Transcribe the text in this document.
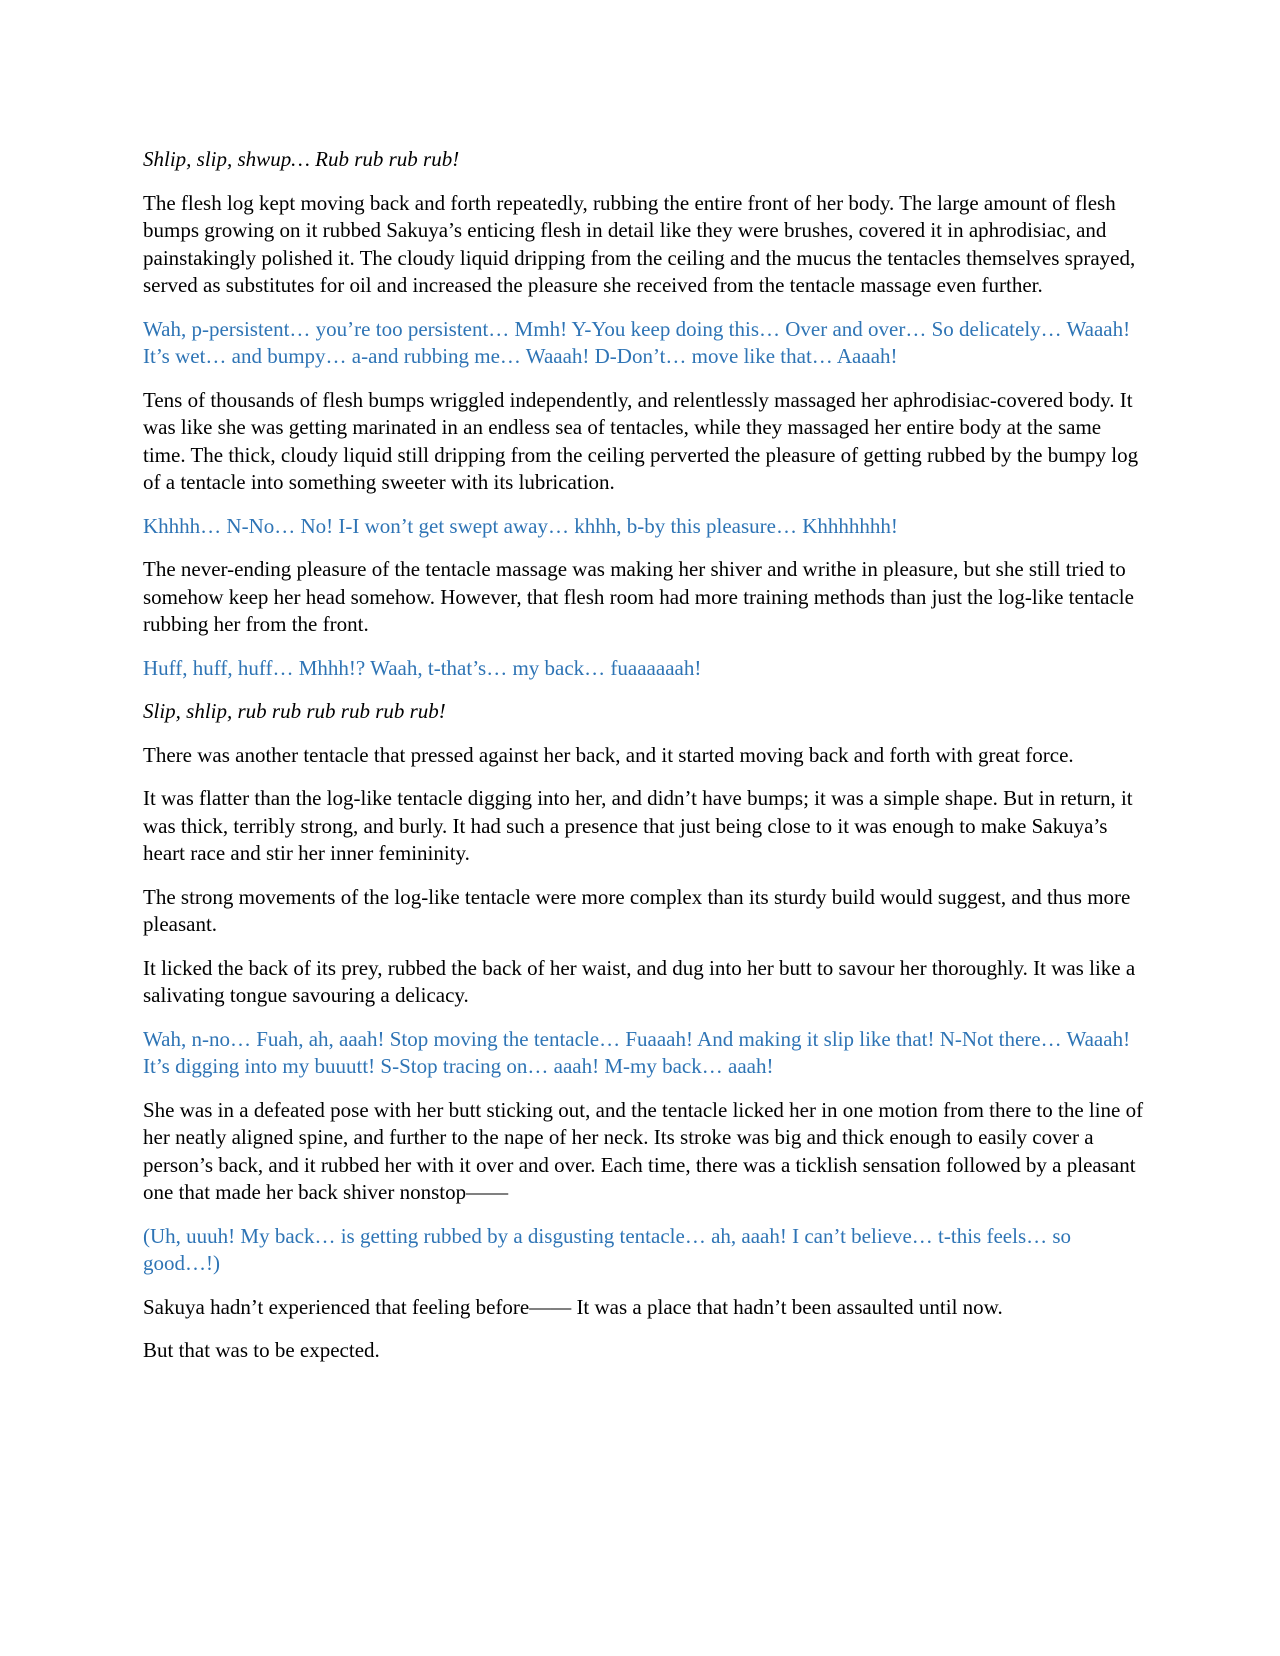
Shlip, slip, shwup… Rub rub rub rub!

The flesh log kept moving back and forth repeatedly, rubbing the entire front of her body. The large amount of flesh bumps growing on it rubbed Sakuya’s enticing flesh in detail like they were brushes, covered it in aphrodisiac, and painstakingly polished it. The cloudy liquid dripping from the ceiling and the mucus the tentacles themselves sprayed, served as substitutes for oil and increased the pleasure she received from the tentacle massage even further.

Wah, p-persistent… you’re too persistent… Mmh! Y-You keep doing this… Over and over… So delicately… Waaah! It’s wet… and bumpy… a-and rubbing me… Waaah! D-Don’t… move like that… Aaaah!

Tens of thousands of flesh bumps wriggled independently, and relentlessly massaged her aphrodisiac-covered body. It was like she was getting marinated in an endless sea of tentacles, while they massaged her entire body at the same time. The thick, cloudy liquid still dripping from the ceiling perverted the pleasure of getting rubbed by the bumpy log of a tentacle into something sweeter with its lubrication.

Khhhh… N-No… No! I-I won’t get swept away… khhh, b-by this pleasure… Khhhhhhh!

The never-ending pleasure of the tentacle massage was making her shiver and writhe in pleasure, but she still tried to somehow keep her head somehow. However, that flesh room had more training methods than just the log-like tentacle rubbing her from the front.

Huff, huff, huff… Mhhh!? Waah, t-that’s… my back… fuaaaaaah!

Slip, shlip, rub rub rub rub rub rub!

There was another tentacle that pressed against her back, and it started moving back and forth with great force.

It was flatter than the log-like tentacle digging into her, and didn’t have bumps; it was a simple shape. But in return, it was thick, terribly strong, and burly. It had such a presence that just being close to it was enough to make Sakuya’s heart race and stir her inner femininity.

The strong movements of the log-like tentacle were more complex than its sturdy build would suggest, and thus more pleasant.

It licked the back of its prey, rubbed the back of her waist, and dug into her butt to savour her thoroughly. It was like a salivating tongue savouring a delicacy.

Wah, n-no… Fuah, ah, aaah! Stop moving the tentacle… Fuaaah! And making it slip like that! N-Not there… Waaah! It’s digging into my buuutt! S-Stop tracing on… aaah! M-my back… aaah!

She was in a defeated pose with her butt sticking out, and the tentacle licked her in one motion from there to the line of her neatly aligned spine, and further to the nape of her neck. Its stroke was big and thick enough to easily cover a person’s back, and it rubbed her with it over and over. Each time, there was a ticklish sensation followed by a pleasant one that made her back shiver nonstop——

(Uh, uuuh! My back… is getting rubbed by a disgusting tentacle… ah, aaah! I can’t believe… t-this feels… so good…!)

Sakuya hadn’t experienced that feeling before—— It was a place that hadn’t been assaulted until now.

But that was to be expected.
